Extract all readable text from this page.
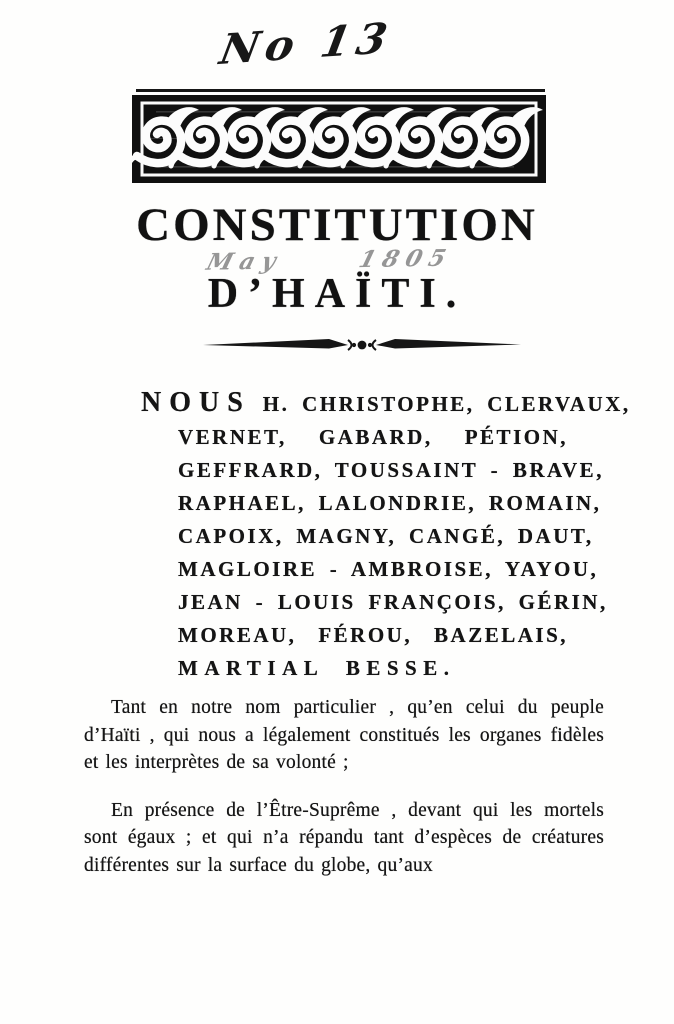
No 13
CONSTITUTION
May 1805
D’HAÏTI.
NOUS H. CHRISTOPHE, CLERVAUX,
VERNET, GABARD, PÉTION,
GEFFRARD, TOUSSAINT - BRAVE,
RAPHAEL, LALONDRIE, ROMAIN,
CAPOIX, MAGNY, CANGÉ, DAUT,
MAGLOIRE - AMBROISE, YAYOU,
JEAN - LOUIS FRANÇOIS, GÉRIN,
MOREAU, FÉROU, BAZELAIS,
MARTIAL BESSE.

Tant en notre nom particulier , qu’en celui du peuple d’Haïti , qui nous a légalement constitués les organes fidèles et les interprètes de sa volonté ;

En présence de l’Être-Suprême , devant qui les mortels sont égaux ; et qui n’a répandu tant d’espèces de créatures différentes sur la surface du globe, qu’aux
